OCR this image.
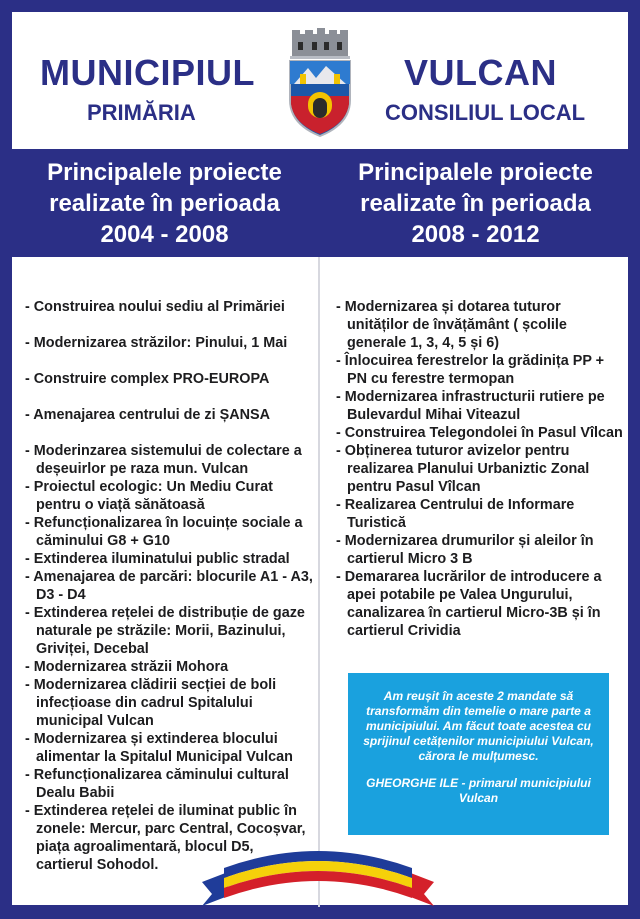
MUNICIPIUL
PRIMĂRIA
VULCAN
CONSILIUL LOCAL
Principalele proiecte
realizate în perioada
2004 - 2008
Principalele proiecte
realizate în perioada
2008 - 2012
- Construirea noului sediu al Primăriei
- Modernizarea străzilor: Pinului, 1 Mai
- Construire complex PRO-EUROPA
- Amenajarea centrului de zi ȘANSA
- Moderinzarea sistemului de colectare a deșeuirlor pe raza mun. Vulcan
- Proiectul ecologic: Un Mediu Curat pentru o viață sănătoasă
- Refuncționalizarea în locuințe sociale a căminului G8 + G10
- Extinderea iluminatului public stradal
- Amenajarea de parcări: blocurile A1 - A3, D3 - D4
- Extinderea rețelei de distribuție de gaze naturale pe străzile: Morii, Bazinului, Griviței, Decebal
- Modernizarea străzii Mohora
- Modernizarea clădirii secției de boli infecțioase din cadrul Spitalului municipal Vulcan
- Modernizarea și extinderea blocului alimentar la Spitalul Municipal Vulcan
- Refuncționalizarea căminului cultural Dealu Babii
- Extinderea rețelei de iluminat public în zonele: Mercur, parc Central, Cocoșvar, piața agroalimentară, blocul D5, cartierul Sohodol.
- Modernizarea și dotarea tuturor unităților de învățământ ( școlile generale 1, 3, 4, 5 și 6)
- Înlocuirea ferestrelor la grădinița PP + PN cu ferestre termopan
- Modernizarea infrastructurii rutiere pe Bulevardul Mihai Viteazul
- Construirea Telegondolei în Pasul Vîlcan
- Obținerea tuturor avizelor pentru realizarea Planului Urbaniztic Zonal pentru Pasul Vîlcan
- Realizarea Centrului de Informare Turistică
- Modernizarea drumurilor și aleilor în cartierul Micro 3 B
- Demararea lucrărilor de introducere a apei potabile pe Valea Ungurului, canalizarea în cartierul Micro-3B și în cartierul Crividia

Am reușit în aceste 2 mandate să transformăm din temelie o mare parte a municipiului. Am făcut toate acestea cu sprijinul cetățenilor municipiului Vulcan, cărora le mulțumesc.

GHEORGHE ILE - primarul municipiului

Vulcan
